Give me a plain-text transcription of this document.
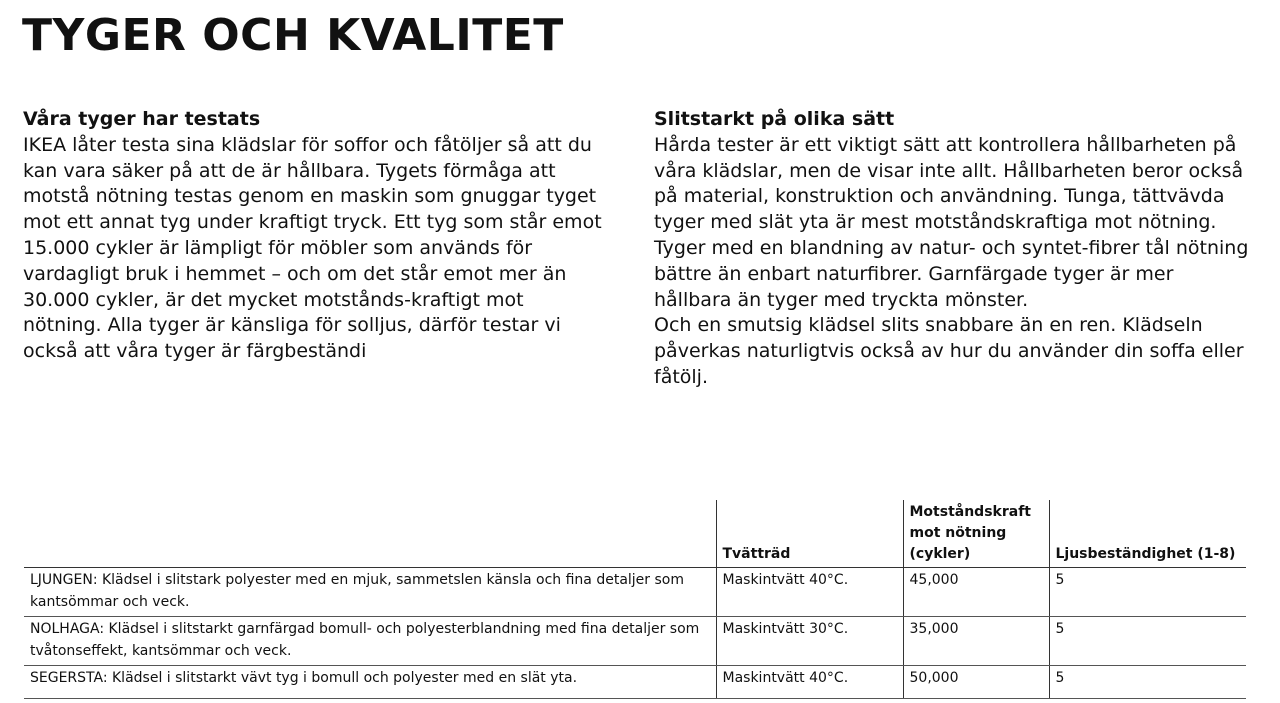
TYGER OCH KVALITET
Våra tyger har testats

IKEA låter testa sina klädslar för soffor och fåtöljer så att du kan vara säker på att de är hållbara. Tygets förmåga att motstå nötning testas genom en maskin som gnuggar tyget mot ett annat tyg under kraftigt tryck. Ett tyg som står emot 15.000 cykler är lämpligt för möbler som används för vardagligt bruk i hemmet – och om det står emot mer än 30.000 cykler, är det mycket motstånds-kraftigt mot nötning. Alla tyger är känsliga för solljus, därför testar vi också att våra tyger är färgbeständi

Slitstarkt på olika sätt

Hårda tester är ett viktigt sätt att kontrollera hållbarheten på våra klädslar, men de visar inte allt. Hållbarheten beror också på material, konstruktion och användning. Tunga, tättvävda tyger med slät yta är mest motståndskraftiga mot nötning. Tyger med en blandning av natur- och syntet-fibrer tål nötning bättre än enbart naturfibrer. Garnfärgade tyger är mer hållbara än tyger med tryckta mönster.

Och en smutsig klädsel slits snabbare än en ren. Klädseln påverkas naturligtvis också av hur du använder din soffa eller fåtölj.

	Tvätträd	Motståndskraft mot nötning (cykler)	Ljusbeständighet (1-8)
LJUNGEN: Klädsel i slitstark polyester med en mjuk, sammetslen känsla och fina detaljer som kantsömmar och veck.	Maskintvätt 40°C.	45,000	5
NOLHAGA: Klädsel i slitstarkt garnfärgad bomull- och polyesterblandning med fina detaljer som tvåtonseffekt, kantsömmar och veck.	Maskintvätt 30°C.	35,000	5
SEGERSTA: Klädsel i slitstarkt vävt tyg i bomull och polyester med en slät yta.	Maskintvätt 40°C.	50,000	5
